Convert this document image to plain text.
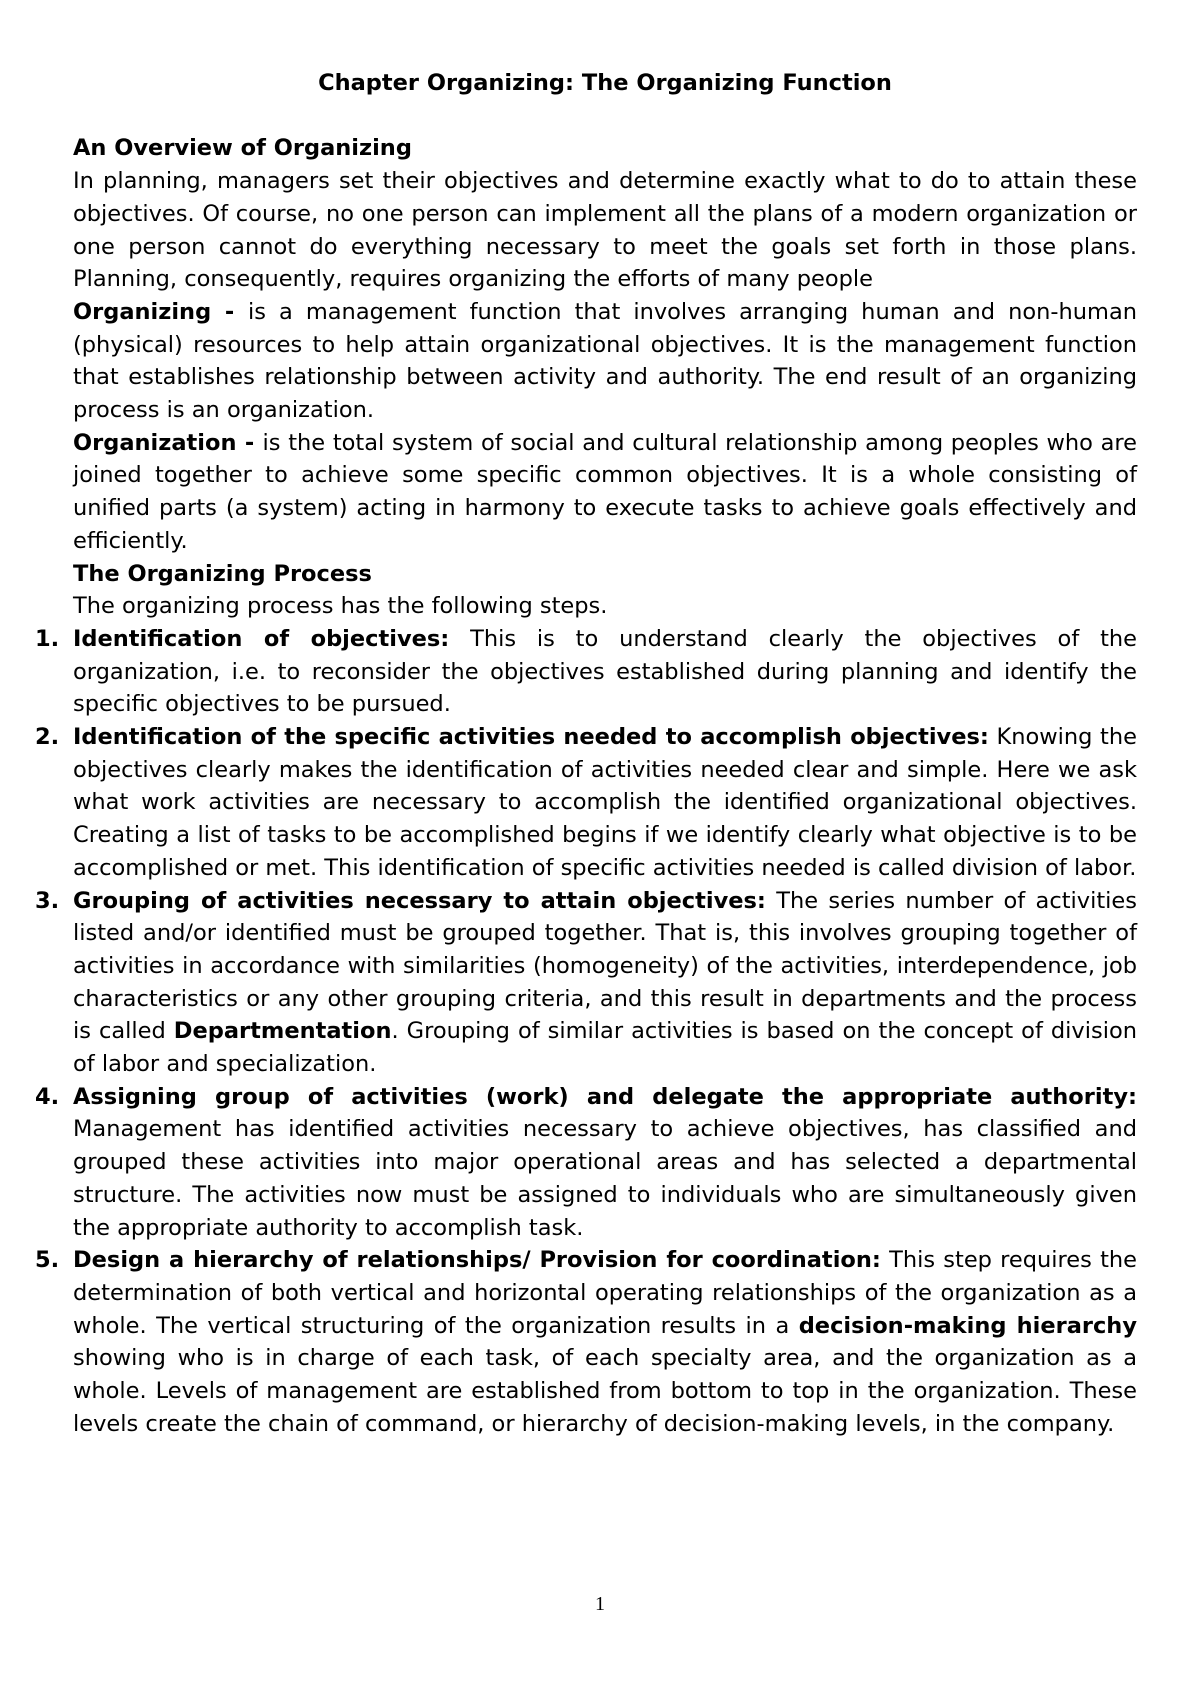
Chapter Organizing: The Organizing Function

An Overview of Organizing

In planning, managers set their objectives and determine exactly what to do to attain these objectives. Of course, no one person can implement all the plans of a modern organization or one person cannot do everything necessary to meet the goals set forth in those plans. Planning, consequently, requires organizing the efforts of many people

Organizing - is a management function that involves arranging human and non-human (physical) resources to help attain organizational objectives. It is the management function that establishes relationship between activity and authority. The end result of an organizing process is an organization.

Organization - is the total system of social and cultural relationship among peoples who are joined together to achieve some specific common objectives. It is a whole consisting of unified parts (a system) acting in harmony to execute tasks to achieve goals effectively and efficiently.

The Organizing Process

The organizing process has the following steps.

1. Identification of objectives: This is to understand clearly the objectives of the organization, i.e. to reconsider the objectives established during planning and identify the specific objectives to be pursued.
2. Identification of the specific activities needed to accomplish objectives: Knowing the objectives clearly makes the identification of activities needed clear and simple. Here we ask what work activities are necessary to accomplish the identified organizational objectives. Creating a list of tasks to be accomplished begins if we identify clearly what objective is to be accomplished or met. This identification of specific activities needed is called division of labor.
3. Grouping of activities necessary to attain objectives: The series number of activities listed and/or identified must be grouped together. That is, this involves grouping together of activities in accordance with similarities (homogeneity) of the activities, interdependence, job characteristics or any other grouping criteria, and this result in departments and the process is called Departmentation. Grouping of similar activities is based on the concept of division of labor and specialization.
4. Assigning group of activities (work) and delegate the appropriate authority: Management has identified activities necessary to achieve objectives, has classified and grouped these activities into major operational areas and has selected a departmental structure. The activities now must be assigned to individuals who are simultaneously given the appropriate authority to accomplish task.
5. Design a hierarchy of relationships/ Provision for coordination: This step requires the determination of both vertical and horizontal operating relationships of the organization as a whole. The vertical structuring of the organization results in a decision-making hierarchy showing who is in charge of each task, of each specialty area, and the organization as a whole. Levels of management are established from bottom to top in the organization. These levels create the chain of command, or hierarchy of decision-making levels, in the company.
1
